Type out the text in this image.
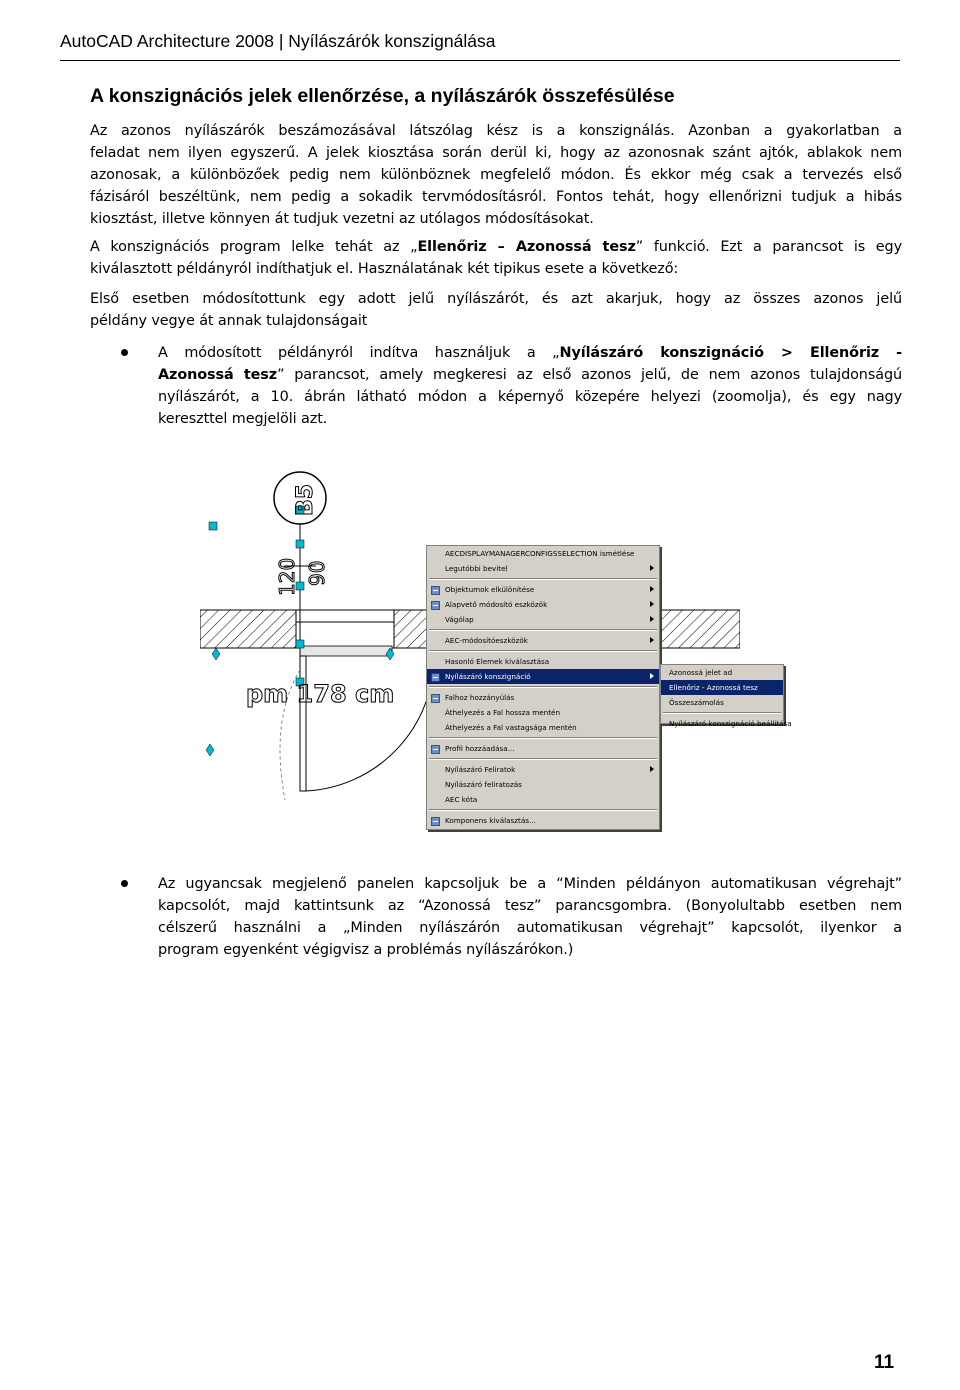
AutoCAD Architecture 2008 | Nyílászárók konszignálása
A konszignációs jelek ellenőrzése, a nyílászárók összefésülése
Az azonos nyílászárók beszámozásával látszólag kész is a konszignálás. Azonban a gyakorlatban a
feladat nem ilyen egyszerű. A jelek kiosztása során derül ki, hogy az azonosnak szánt ajtók, ablakok nem
azonosak, a különbözőek pedig nem különböznek megfelelő módon. És ekkor még csak a tervezés első
fázisáról beszéltünk, nem pedig a sokadik tervmódosításról. Fontos tehát, hogy ellenőrizni tudjuk a hibás
kiosztást, illetve könnyen át tudjuk vezetni az utólagos módosításokat.
A konszignációs program lelke tehát az „Ellenőriz – Azonossá tesz” funkció. Ezt a parancsot is egy
kiválasztott példányról indíthatjuk el. Használatának két tipikus esete a következő:
Első esetben módosítottunk egy adott jelű nyílászárót, és azt akarjuk, hogy az összes azonos jelű
példány vegye át annak tulajdonságait
A módosított példányról indítva használjuk a „Nyílászáró konszignáció > Ellenőriz -
Azonossá tesz” parancsot, amely megkeresi az első azonos jelű, de nem azonos tulajdonságú
nyílászárót, a 10. ábrán látható módon a képernyő közepére helyezi (zoomolja), és egy nagy
kereszttel megjelöli azt.
B5
120 90
pm 178 cm
AECDISPLAYMANAGERCONFIGSSELECTION ismétlése
Legutóbbi bevitel
Objektumok elkülönítése
Alapvető módosító eszközök
Vágólap
AEC-módosítóeszközök
Hasonló Elemek kiválasztása
Nyílászáró konszignáció
Falhoz hozzányúlás
Áthelyezés a Fal hossza mentén
Áthelyezés a Fal vastagsága mentén
Profil hozzáadása...
Nyílászáró Feliratok
Nyílászáró feliratozás
AEC kóta
Komponens kiválasztás...
Azonossá jelet ad
Ellenőriz - Azonossá tesz
Összeszámolás
Nyílászáró konszignáció beállítása
Az ugyancsak megjelenő panelen kapcsoljuk be a “Minden példányon automatikusan végrehajt”
kapcsolót, majd kattintsunk az “Azonossá tesz” parancsgombra. (Bonyolultabb esetben nem
célszerű használni a „Minden nyílászárón automatikusan végrehajt” kapcsolót, ilyenkor a
program egyenként végigvisz a problémás nyílászárókon.)
11
